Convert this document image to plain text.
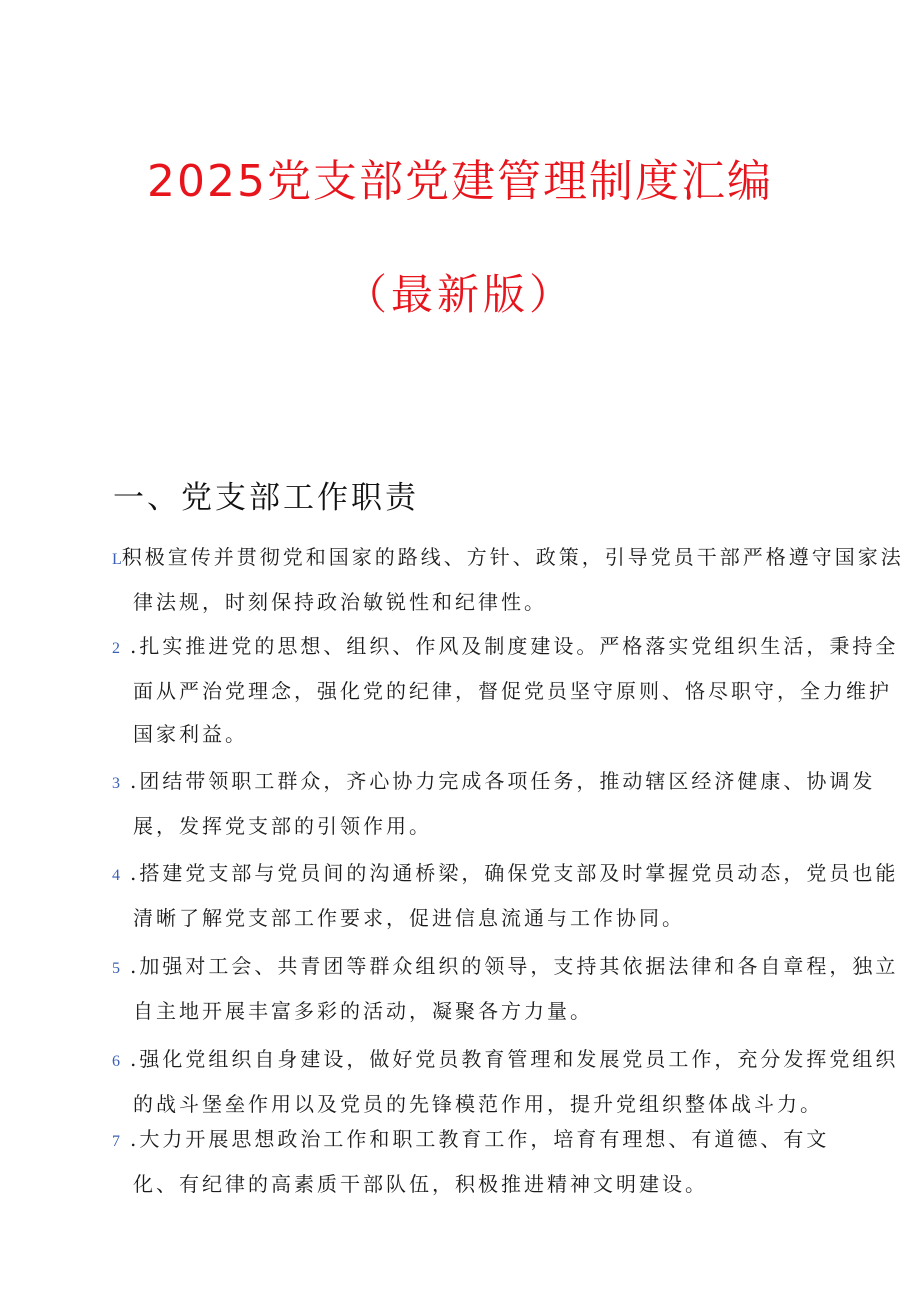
2025党支部党建管理制度汇编
（最新版）
一、党支部工作职责
L积极宣传并贯彻党和国家的路线、方针、政策，引导党员干部严格遵守国家法
律法规，时刻保持政治敏锐性和纪律性。
2 .扎实推进党的思想、组织、作风及制度建设。严格落实党组织生活，秉持全
面从严治党理念，强化党的纪律，督促党员坚守原则、恪尽职守，全力维护
国家利益。
3 .团结带领职工群众，齐心协力完成各项任务，推动辖区经济健康、协调发
展，发挥党支部的引领作用。
4 .搭建党支部与党员间的沟通桥梁，确保党支部及时掌握党员动态，党员也能
清晰了解党支部工作要求，促进信息流通与工作协同。
5 .加强对工会、共青团等群众组织的领导，支持其依据法律和各自章程，独立
自主地开展丰富多彩的活动，凝聚各方力量。
6 .强化党组织自身建设，做好党员教育管理和发展党员工作，充分发挥党组织
的战斗堡垒作用以及党员的先锋模范作用，提升党组织整体战斗力。
7 .大力开展思想政治工作和职工教育工作，培育有理想、有道德、有文
化、有纪律的高素质干部队伍，积极推进精神文明建设。
